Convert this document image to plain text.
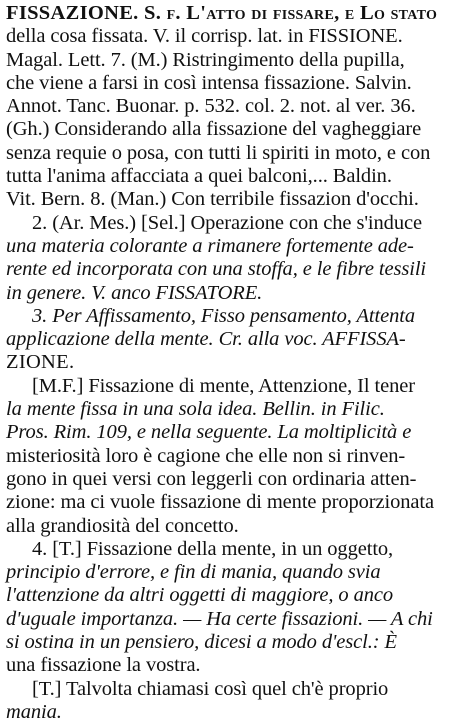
FISSAZIONE. S. f. L'atto di fissare, e Lo stato
della cosa fissata. V. il corrisp. lat. in FISSIONE.
Magal. Lett. 7. (M.) Ristringimento della pupilla,
che viene a farsi in così intensa fissazione. Salvin.
Annot. Tanc. Buonar. p. 532. col. 2. not. al ver. 36.
(Gh.) Considerando alla fissazione del vagheggiare
senza requie o posa, con tutti li spiriti in moto, e con
tutta l'anima affacciata a quei balconi,... Baldin.
Vit. Bern. 8. (Man.) Con terribile fissazion d'occhi.
2. (Ar. Mes.) [Sel.] Operazione con che s'induce
una materia colorante a rimanere fortemente ade-
rente ed incorporata con una stoffa, e le fibre tessili
in genere. V. anco FISSATORE.
3. Per Affissamento, Fisso pensamento, Attenta
applicazione della mente. Cr. alla voc. AFFISSA-
ZIONE.
[M.F.] Fissazione di mente, Attenzione, Il tener
la mente fissa in una sola idea. Bellin. in Filic.
Pros. Rim. 109, e nella seguente. La moltiplicità e
misteriosità loro è cagione che elle non si rinven-
gono in quei versi con leggerli con ordinaria atten-
zione: ma ci vuole fissazione di mente proporzionata
alla grandiosità del concetto.
4. [T.] Fissazione della mente, in un oggetto,
principio d'errore, e fin di mania, quando svia
l'attenzione da altri oggetti di maggiore, o anco
d'uguale importanza. — Ha certe fissazioni. — A chi
si ostina in un pensiero, dicesi a modo d'escl.: È
una fissazione la vostra.
[T.] Talvolta chiamasi così quel ch'è proprio
mania.
